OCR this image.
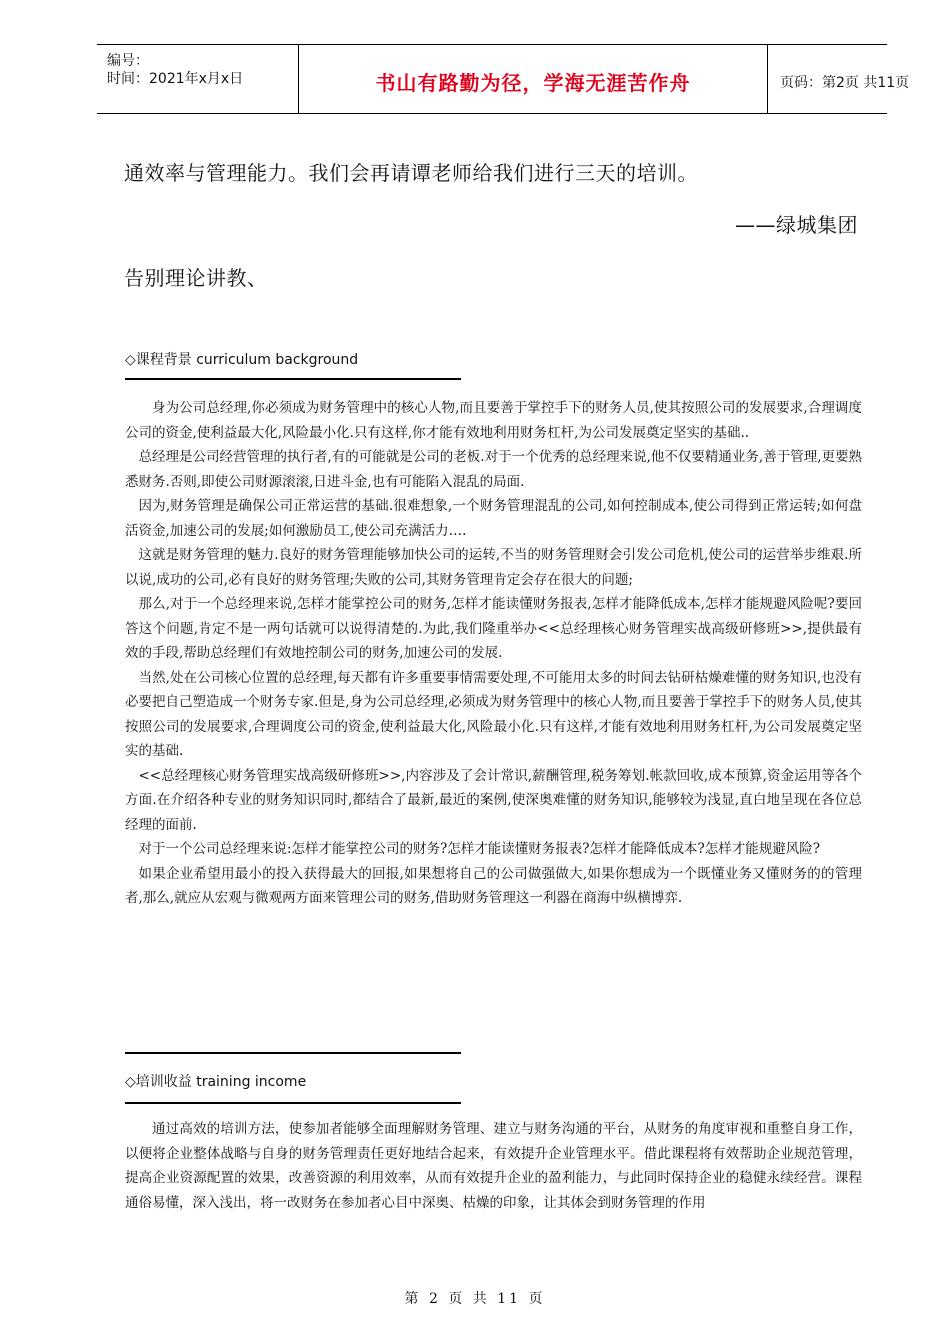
编号：
时间：2021年x月x日	书山有路勤为径，学海无涯苦作舟	页码：第2页 共11页
通效率与管理能力。我们会再请谭老师给我们进行三天的培训。
——绿城集团
告别理论讲教、
◇课程背景 curriculum background

身为公司总经理,你必须成为财务管理中的核心人物,而且要善于掌控手下的财务人员,使其按照公司的发展要求,合理调度公司的资金,使利益最大化,风险最小化.只有这样,你才能有效地利用财务杠杆,为公司发展奠定坚实的基础..

总经理是公司经营管理的执行者,有的可能就是公司的老板.对于一个优秀的总经理来说,他不仅要精通业务,善于管理,更要熟悉财务.否则,即使公司财源滚滚,日进斗金,也有可能陷入混乱的局面.

因为,财务管理是确保公司正常运营的基础.很难想象,一个财务管理混乱的公司,如何控制成本,使公司得到正常运转;如何盘活资金,加速公司的发展;如何激励员工,使公司充满活力….

这就是财务管理的魅力.良好的财务管理能够加快公司的运转,不当的财务管理财会引发公司危机,使公司的运营举步维艰.所以说,成功的公司,必有良好的财务管理;失败的公司,其财务管理肯定会存在很大的问题;

那么,对于一个总经理来说,怎样才能掌控公司的财务,怎样才能读懂财务报表,怎样才能降低成本,怎样才能规避风险呢?要回答这个问题,肯定不是一两句话就可以说得清楚的.为此,我们隆重举办<<总经理核心财务管理实战高级研修班>>,提供最有效的手段,帮助总经理们有效地控制公司的财务,加速公司的发展.

当然,处在公司核心位置的总经理,每天都有许多重要事情需要处理,不可能用太多的时间去钻研枯燥难懂的财务知识,也没有必要把自己塑造成一个财务专家.但是,身为公司总经理,必须成为财务管理中的核心人物,而且要善于掌控手下的财务人员,使其按照公司的发展要求,合理调度公司的资金,使利益最大化,风险最小化.只有这样,才能有效地利用财务杠杆,为公司发展奠定坚实的基础.

<<总经理核心财务管理实战高级研修班>>,内容涉及了会计常识,薪酬管理,税务筹划.帐款回收,成本预算,资金运用等各个方面.在介绍各种专业的财务知识同时,都结合了最新,最近的案例,使深奥难懂的财务知识,能够较为浅显,直白地呈现在各位总经理的面前.

对于一个公司总经理来说:怎样才能掌控公司的财务?怎样才能读懂财务报表?怎样才能降低成本?怎样才能规避风险?

如果企业希望用最小的投入获得最大的回报,如果想将自己的公司做强做大,如果你想成为一个既懂业务又懂财务的的管理者,那么,就应从宏观与微观两方面来管理公司的财务,借助财务管理这一利器在商海中纵横博弈.

◇培训收益 training income

通过高效的培训方法，使参加者能够全面理解财务管理、建立与财务沟通的平台，从财务的角度审视和重整自身工作，以便将企业整体战略与自身的财务管理责任更好地结合起来，有效提升企业管理水平。借此课程将有效帮助企业规范管理，提高企业资源配置的效果，改善资源的利用效率，从而有效提升企业的盈利能力，与此同时保持企业的稳健永续经营。课程通俗易懂，深入浅出，将一改财务在参加者心目中深奥、枯燥的印象，让其体会到财务管理的作用

第 2 页 共 11 页
